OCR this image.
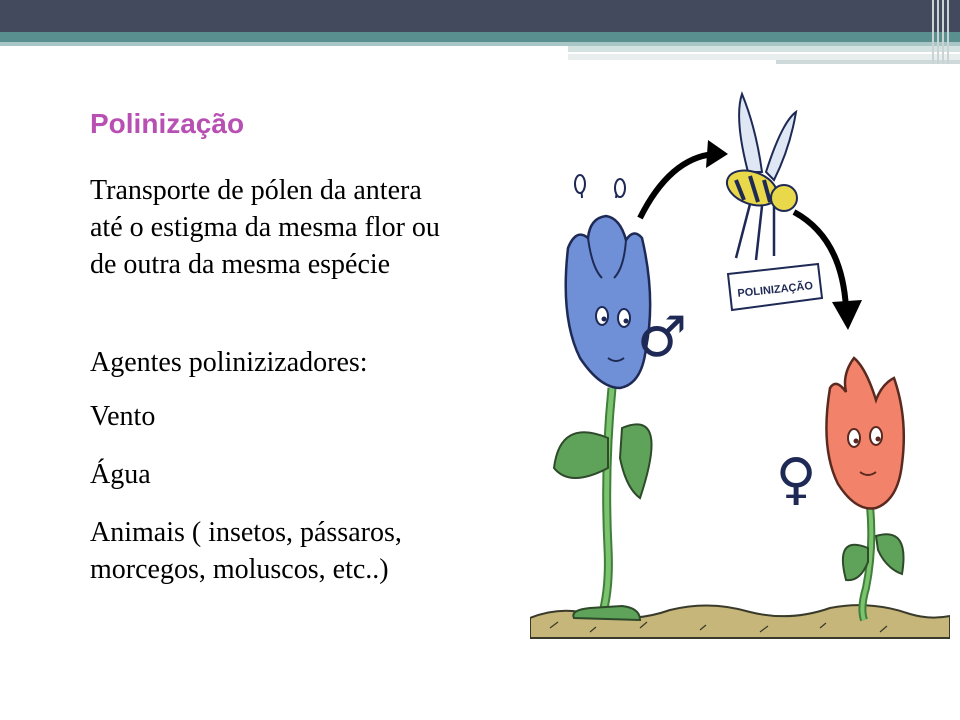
Polinização

Transporte de pólen da antera até o estigma da mesma flor ou de outra da mesma espécie

Agentes polinizizadores:

Vento

Água

Animais ( insetos, pássaros, morcegos, moluscos, etc..)

POLINIZAÇÃO
♂
♀
